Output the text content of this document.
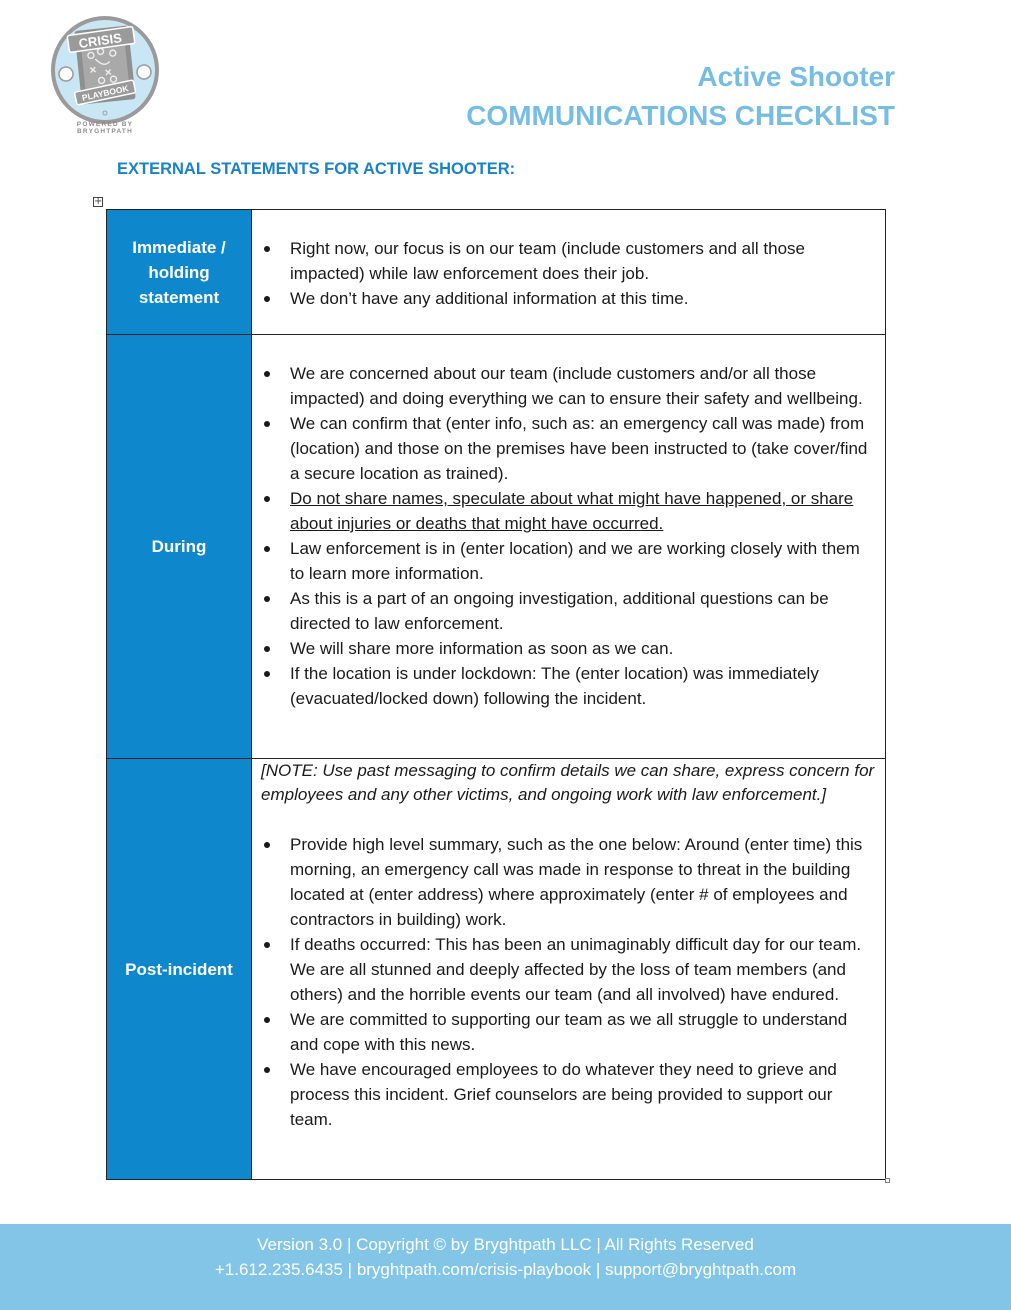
CRISIS
PLAYBOOK
POWERED BY BRYGHTPATH
Active Shooter
COMMUNICATIONS CHECKLIST
EXTERNAL STATEMENTS FOR ACTIVE SHOOTER:
+
Immediate / holding statement
Right now, our focus is on our team (include customers and all those impacted) while law enforcement does their job.
We don’t have any additional information at this time.
During
We are concerned about our team (include customers and/or all those impacted) and doing everything we can to ensure their safety and wellbeing.
We can confirm that (enter info, such as: an emergency call was made) from (location) and those on the premises have been instructed to (take cover/find a secure location as trained).
Do not share names, speculate about what might have happened, or share about injuries or deaths that might have occurred.
Law enforcement is in (enter location) and we are working closely with them to learn more information.
As this is a part of an ongoing investigation, additional questions can be directed to law enforcement.
We will share more information as soon as we can.
If the location is under lockdown: The (enter location) was immediately (evacuated/locked down) following the incident.
Post-incident

[NOTE: Use past messaging to confirm details we can share, express concern for employees and any other victims, and ongoing work with law enforcement.]

Provide high level summary, such as the one below: Around (enter time) this morning, an emergency call was made in response to threat in the building located at (enter address) where approximately (enter # of employees and contractors in building) work.
If deaths occurred: This has been an unimaginably difficult day for our team. We are all stunned and deeply affected by the loss of team members (and others) and the horrible events our team (and all involved) have endured.
We are committed to supporting our team as we all struggle to understand and cope with this news.
We have encouraged employees to do whatever they need to grieve and process this incident. Grief counselors are being provided to support our team.
Version 3.0 | Copyright © by Bryghtpath LLC | All Rights Reserved
+1.612.235.6435 | bryghtpath.com/crisis-playbook | support@bryghtpath.com
